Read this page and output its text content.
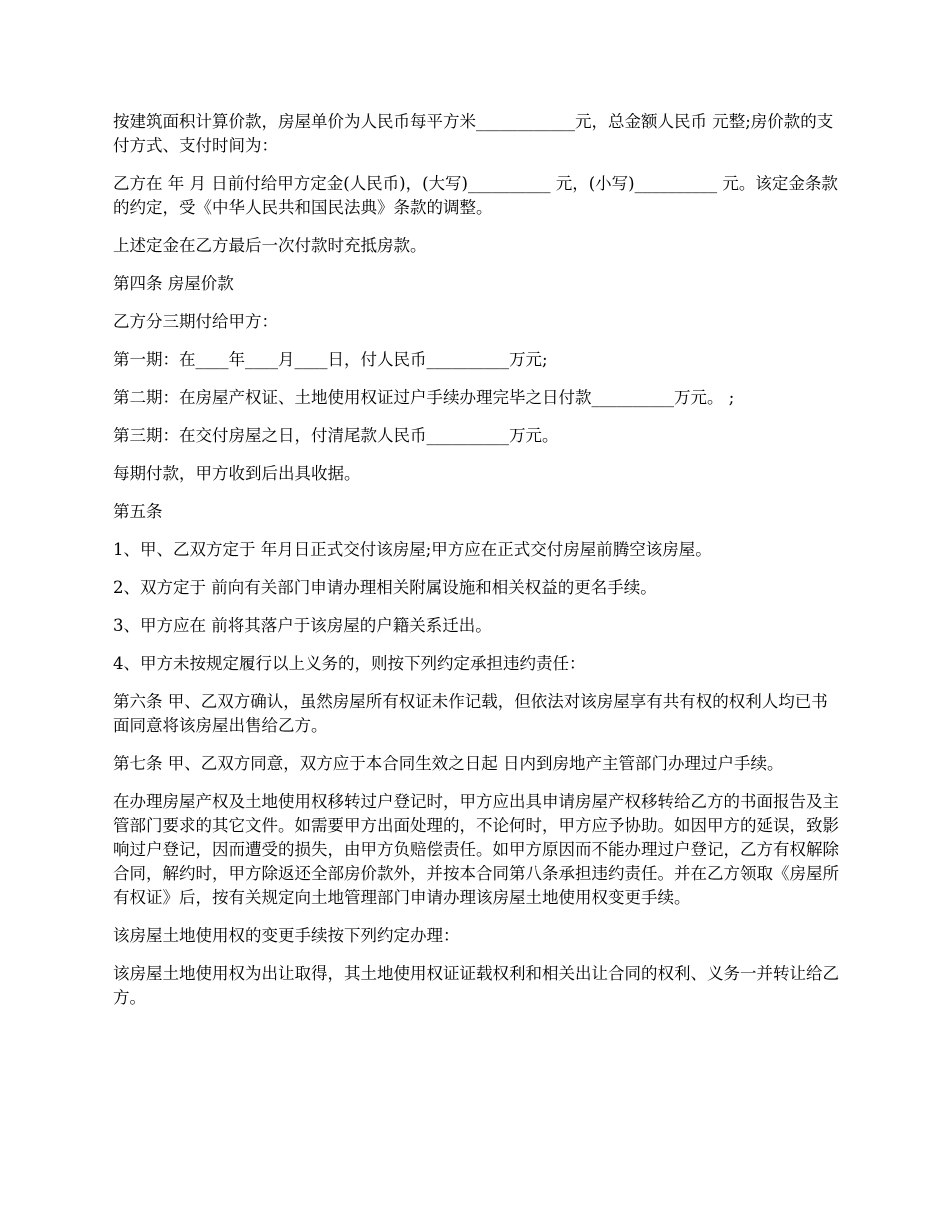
按建筑面积计算价款，房屋单价为人民币每平方米____________元，总金额人民币 元整;房价款的支付方式、支付时间为：

乙方在 年 月 日前付给甲方定金(人民币)，(大写)__________ 元，(小写)__________ 元。该定金条款的约定，受《中华人民共和国民法典》条款的调整。

上述定金在乙方最后一次付款时充抵房款。

第四条 房屋价款

乙方分三期付给甲方：

第一期：在____年____月____日，付人民币__________万元;

第二期：在房屋产权证、土地使用权证过户手续办理完毕之日付款__________万元。 ;

第三期：在交付房屋之日，付清尾款人民币__________万元。

每期付款，甲方收到后出具收据。

第五条

1、甲、乙双方定于 年月日正式交付该房屋;甲方应在正式交付房屋前腾空该房屋。

2、双方定于 前向有关部门申请办理相关附属设施和相关权益的更名手续。

3、甲方应在 前将其落户于该房屋的户籍关系迁出。

4、甲方未按规定履行以上义务的，则按下列约定承担违约责任：

第六条 甲、乙双方确认，虽然房屋所有权证未作记载，但依法对该房屋享有共有权的权利人均已书面同意将该房屋出售给乙方。

第七条 甲、乙双方同意，双方应于本合同生效之日起 日内到房地产主管部门办理过户手续。

在办理房屋产权及土地使用权移转过户登记时，甲方应出具申请房屋产权移转给乙方的书面报告及主管部门要求的其它文件。如需要甲方出面处理的，不论何时，甲方应予协助。如因甲方的延误，致影响过户登记，因而遭受的损失，由甲方负赔偿责任。如甲方原因而不能办理过户登记，乙方有权解除合同，解约时，甲方除返还全部房价款外，并按本合同第八条承担违约责任。并在乙方领取《房屋所有权证》后，按有关规定向土地管理部门申请办理该房屋土地使用权变更手续。

该房屋土地使用权的变更手续按下列约定办理：

该房屋土地使用权为出让取得，其土地使用权证证载权利和相关出让合同的权利、义务一并转让给乙方。
